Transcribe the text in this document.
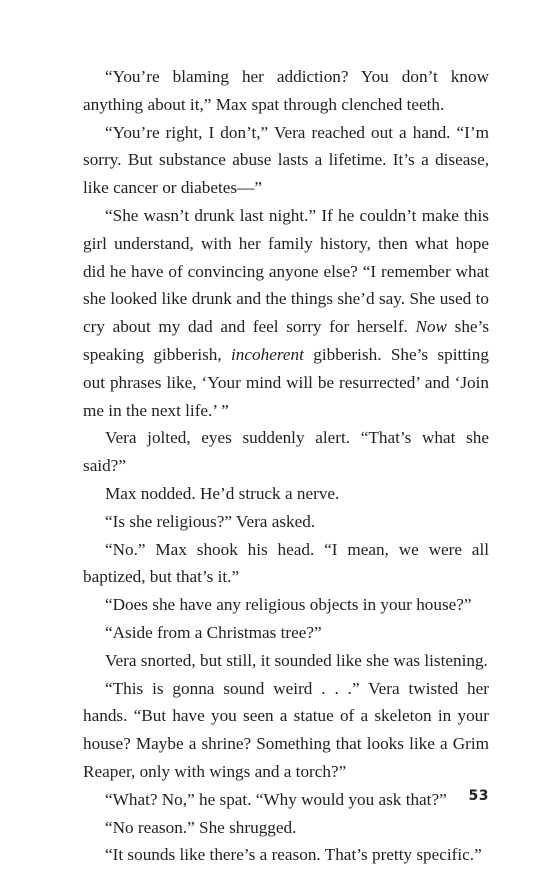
“You’re blaming her addiction? You don’t know anything about it,” Max spat through clenched teeth.

“You’re right, I don’t,” Vera reached out a hand. “I’m sorry. But substance abuse lasts a lifetime. It’s a disease, like cancer or diabetes—”

“She wasn’t drunk last night.” If he couldn’t make this girl understand, with her family history, then what hope did he have of convincing anyone else? “I remember what she looked like drunk and the things she’d say. She used to cry about my dad and feel sorry for herself. Now she’s speaking gibberish, incoherent gibberish. She’s spitting out phrases like, ‘Your mind will be resurrected’ and ‘Join me in the next life.’ ”

Vera jolted, eyes suddenly alert. “That’s what she said?”

Max nodded. He’d struck a nerve.

“Is she religious?” Vera asked.

“No.” Max shook his head. “I mean, we were all baptized, but that’s it.”

“Does she have any religious objects in your house?”

“Aside from a Christmas tree?”

Vera snorted, but still, it sounded like she was listening.

“This is gonna sound weird . . .” Vera twisted her hands. “But have you seen a statue of a skeleton in your house? Maybe a shrine? Something that looks like a Grim Reaper, only with wings and a torch?”

“What? No,” he spat. “Why would you ask that?”

“No reason.” She shrugged.

“It sounds like there’s a reason. That’s pretty specific.”

53
